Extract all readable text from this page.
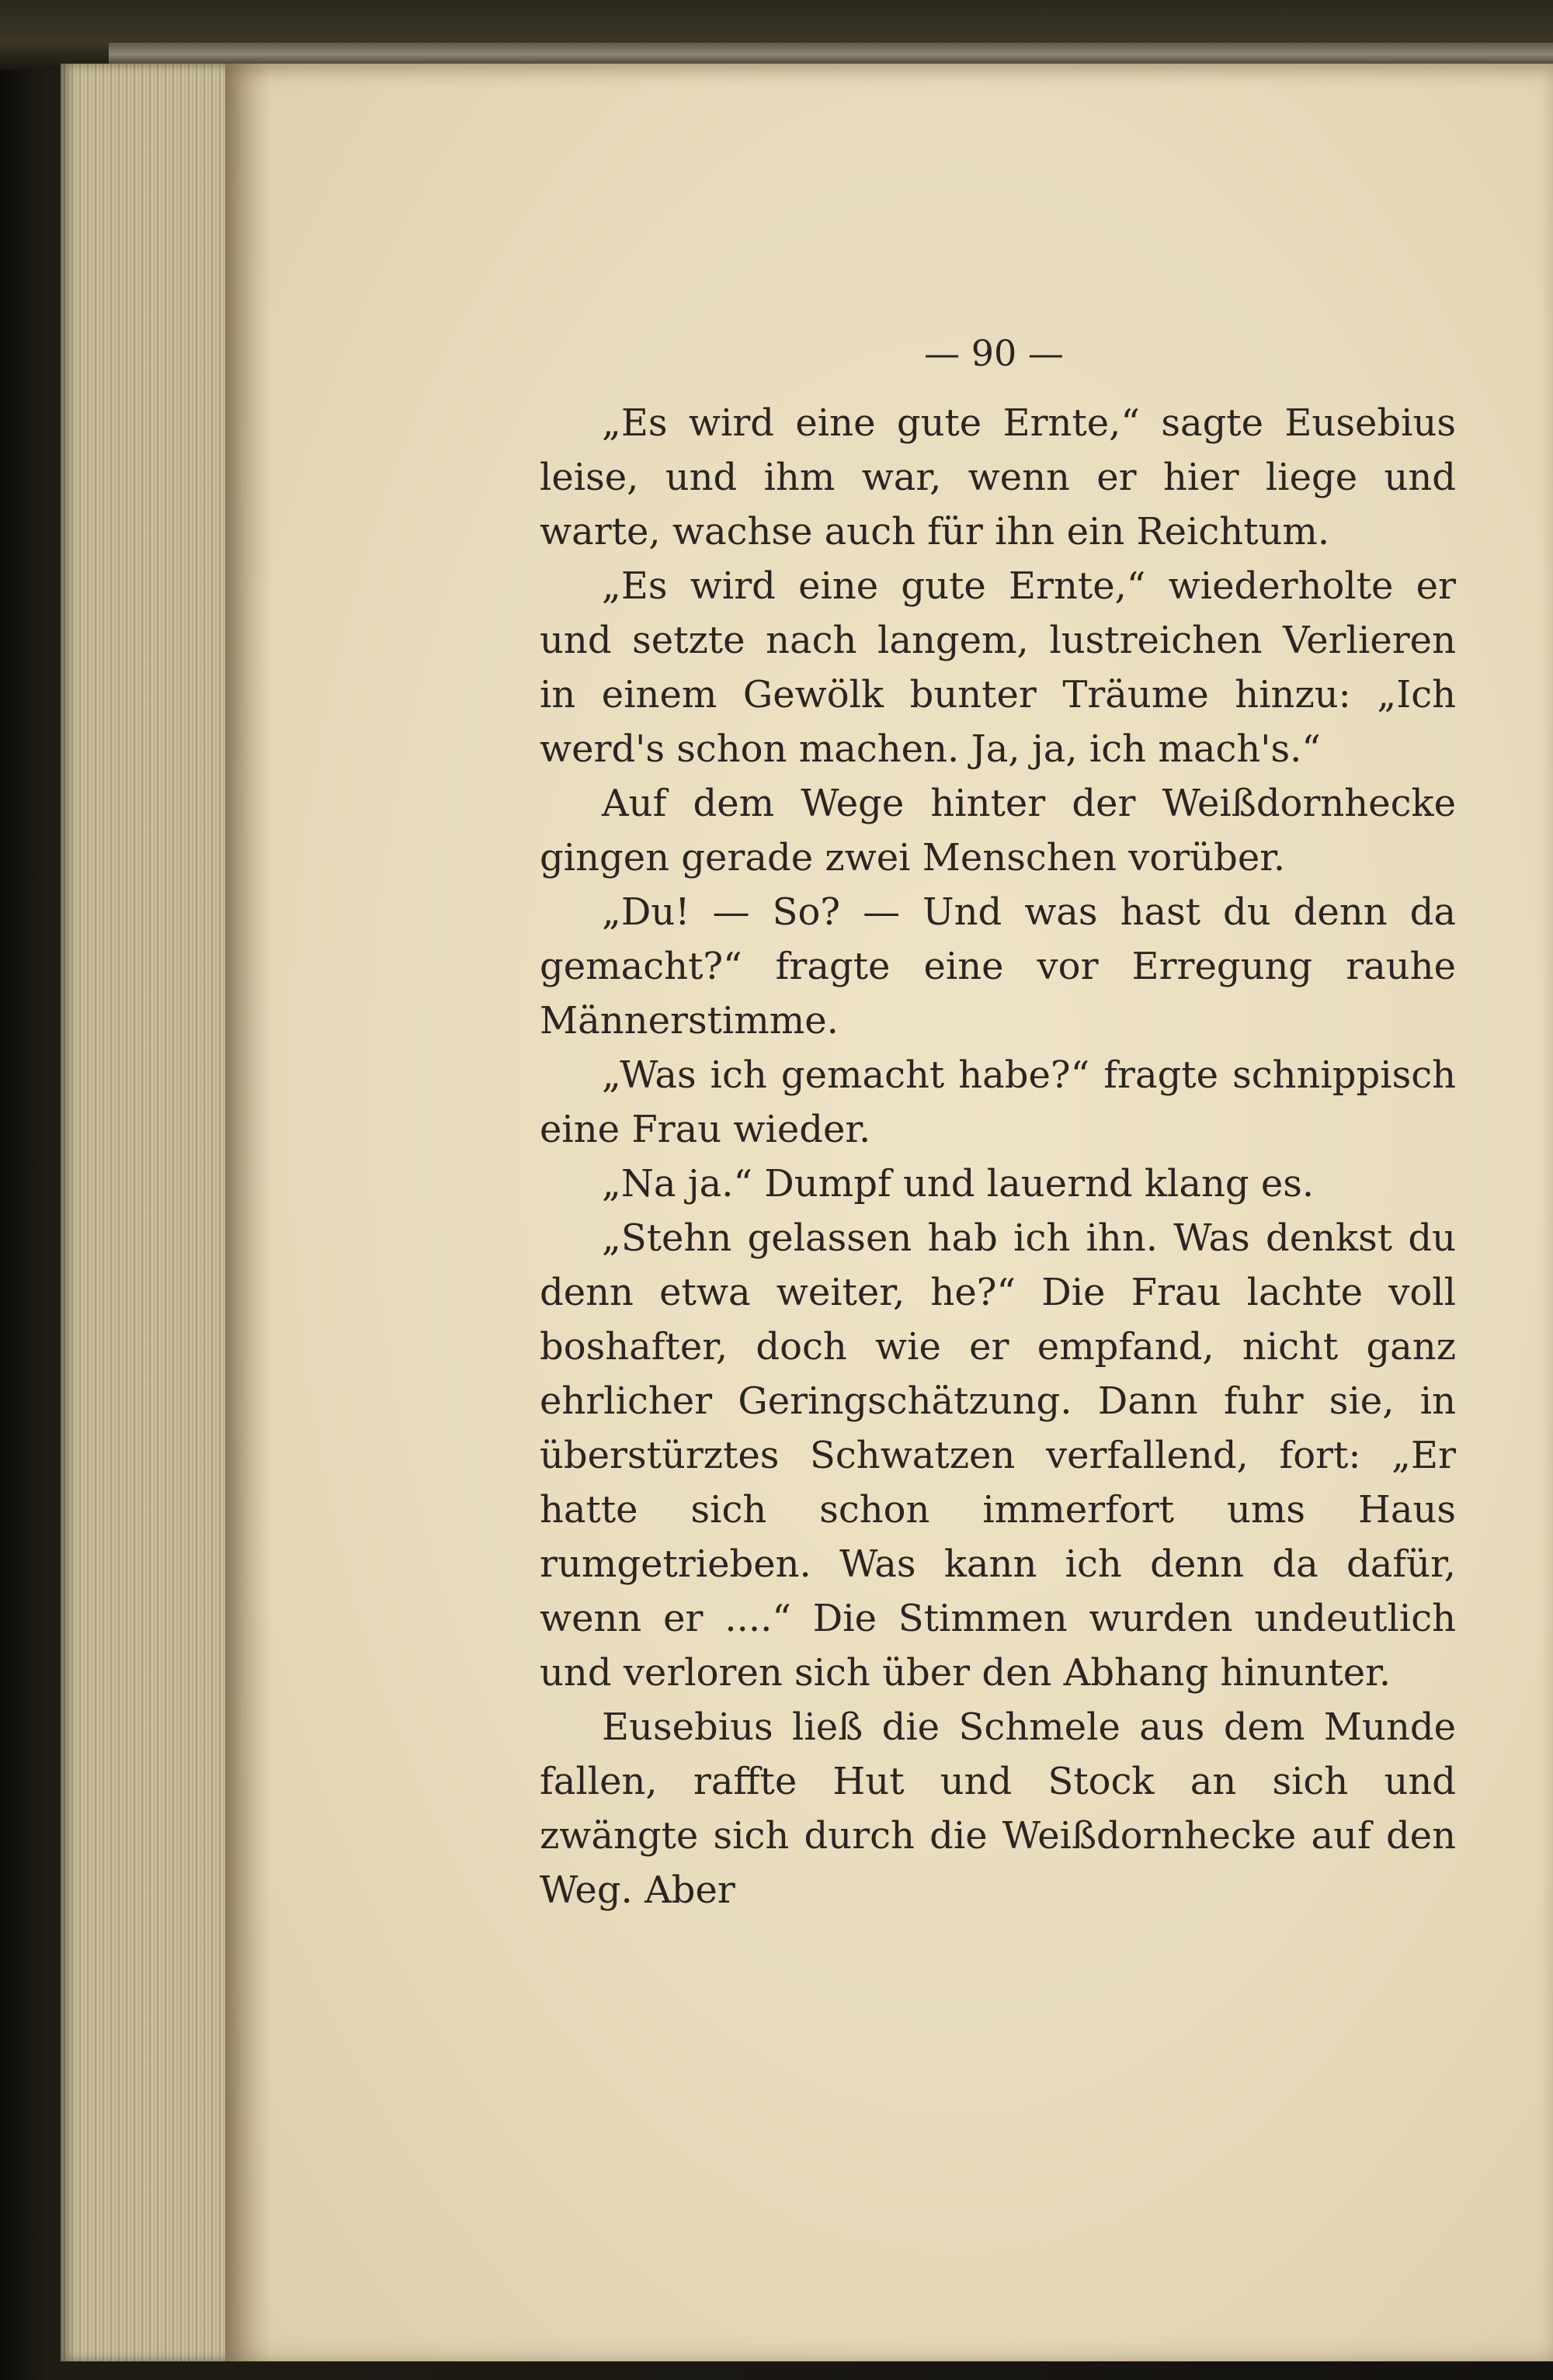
— 90 —

„Es wird eine gute Ernte,“ sagte Eusebius leise, und ihm war, wenn er hier liege und warte, wachse auch für ihn ein Reichtum.

„Es wird eine gute Ernte,“ wiederholte er und setzte nach langem, lustreichen Verlieren in einem Gewölk bunter Träume hinzu: „Ich werd's schon machen. Ja, ja, ich mach's.“

Auf dem Wege hinter der Weißdornhecke gingen gerade zwei Menschen vorüber.

„Du! — So? — Und was hast du denn da gemacht?“ fragte eine vor Erregung rauhe Männerstimme.

„Was ich gemacht habe?“ fragte schnippisch eine Frau wieder.

„Na ja.“ Dumpf und lauernd klang es.

„Stehn gelassen hab ich ihn. Was denkst du denn etwa weiter, he?“ Die Frau lachte voll boshafter, doch wie er empfand, nicht ganz ehrlicher Geringschätzung. Dann fuhr sie, in überstürztes Schwatzen verfallend, fort: „Er hatte sich schon immerfort ums Haus rumgetrieben. Was kann ich denn da dafür, wenn er ....“ Die Stimmen wurden undeutlich und verloren sich über den Abhang hinunter.

Eusebius ließ die Schmele aus dem Munde fallen, raffte Hut und Stock an sich und zwängte sich durch die Weißdornhecke auf den Weg. Aber
